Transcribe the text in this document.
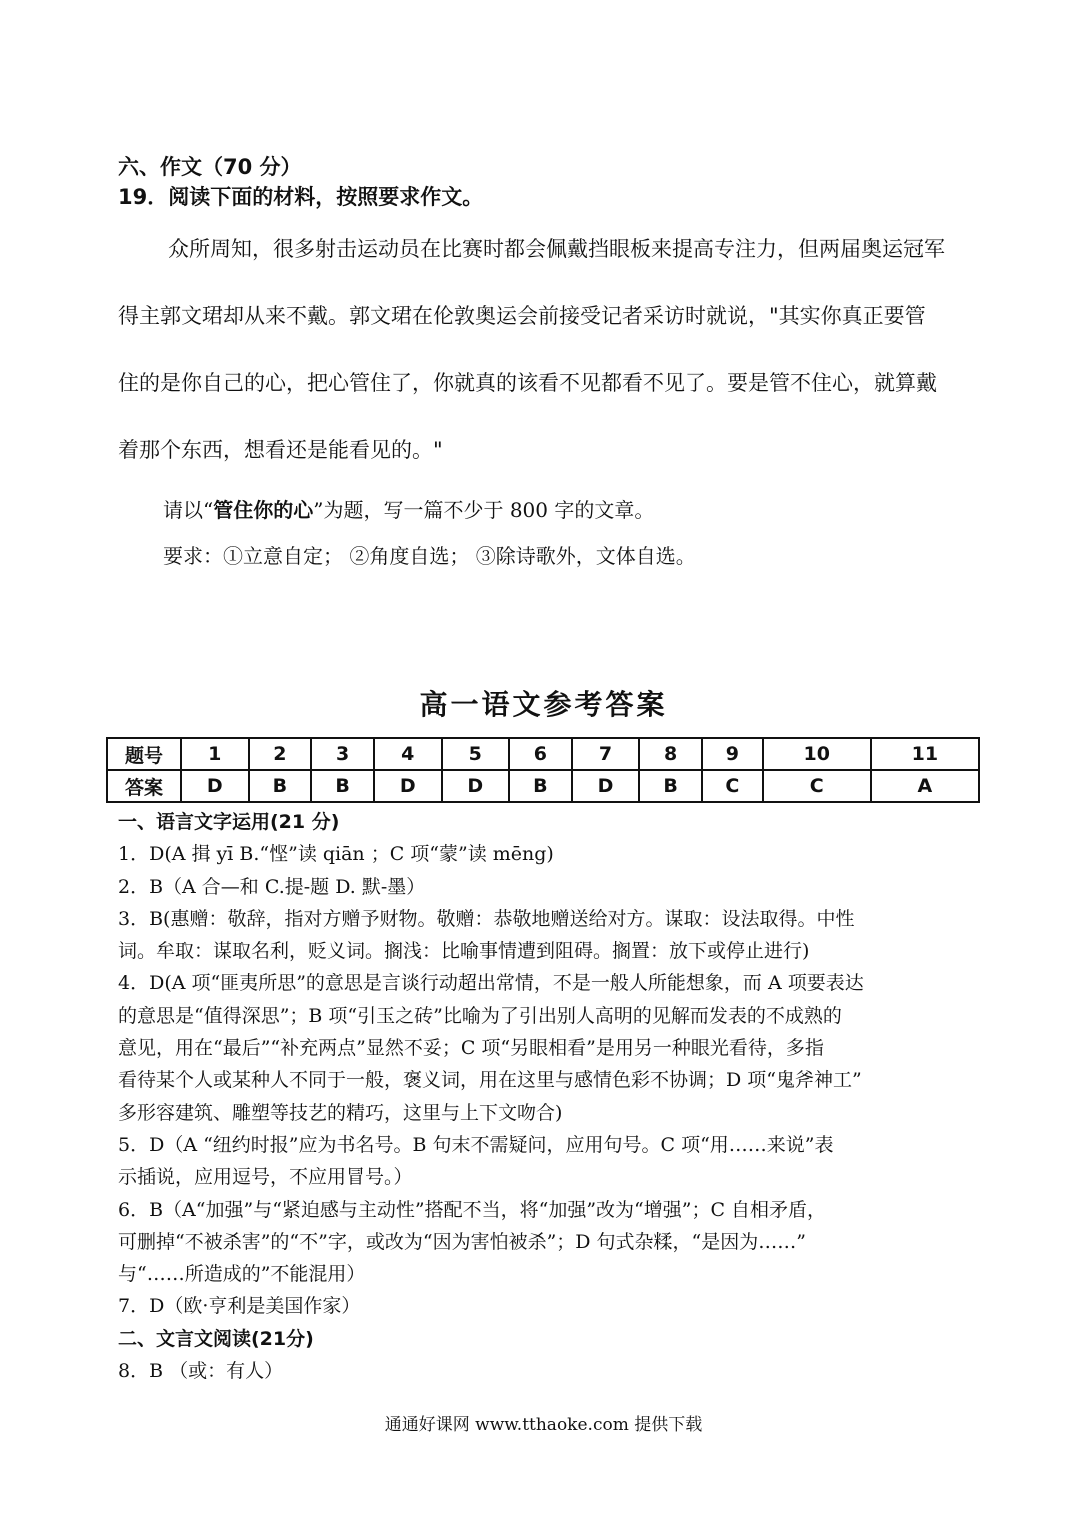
六、作文（70 分）
19．阅读下面的材料，按照要求作文。

众所周知，很多射击运动员在比赛时都会佩戴挡眼板来提高专注力，但两届奥运冠军

得主郭文珺却从来不戴。郭文珺在伦敦奥运会前接受记者采访时就说，"其实你真正要管

住的是你自己的心，把心管住了，你就真的该看不见都看不见了。要是管不住心，就算戴

着那个东西，想看还是能看见的。"

请以“管住你的心”为题，写一篇不少于 800 字的文章。

要求：①立意自定； ②角度自选； ③除诗歌外，文体自选。

高一语文参考答案
题号	1	2	3	4	5	6	7	8	9	10	11
答案	D	B	B	D	D	B	D	B	C	C	A

一、语言文字运用(21 分)

1．D(A 揖 yī B.“悭”读 qiān ；C 项“蒙”读 mēng)

2．B（A 合—和 C.提-题 D. 默-墨）

3．B(惠赠：敬辞，指对方赠予财物。敬赠：恭敬地赠送给对方。谋取：设法取得。中性

词。牟取：谋取名利，贬义词。搁浅：比喻事情遭到阻碍。搁置：放下或停止进行)

4．D(A 项“匪夷所思”的意思是言谈行动超出常情，不是一般人所能想象，而 A 项要表达

的意思是“值得深思”；B 项“引玉之砖”比喻为了引出别人高明的见解而发表的不成熟的

意见，用在“最后”“补充两点”显然不妥；C 项“另眼相看”是用另一种眼光看待，多指

看待某个人或某种人不同于一般，褒义词，用在这里与感情色彩不协调；D 项“鬼斧神工”

多形容建筑、雕塑等技艺的精巧，这里与上下文吻合)

5．D（A “纽约时报”应为书名号。B 句末不需疑问，应用句号。C 项“用……来说”表

示插说，应用逗号，不应用冒号。）

6．B（A“加强”与“紧迫感与主动性”搭配不当，将“加强”改为“增强”；C 自相矛盾，

可删掉“不被杀害”的“不”字，或改为“因为害怕被杀”；D 句式杂糅，“是因为……”

与“……所造成的”不能混用）

7．D（欧·亨利是美国作家）

二、文言文阅读(21分)

8．B （或：有人）

通通好课网 www.tthaoke.com 提供下载
